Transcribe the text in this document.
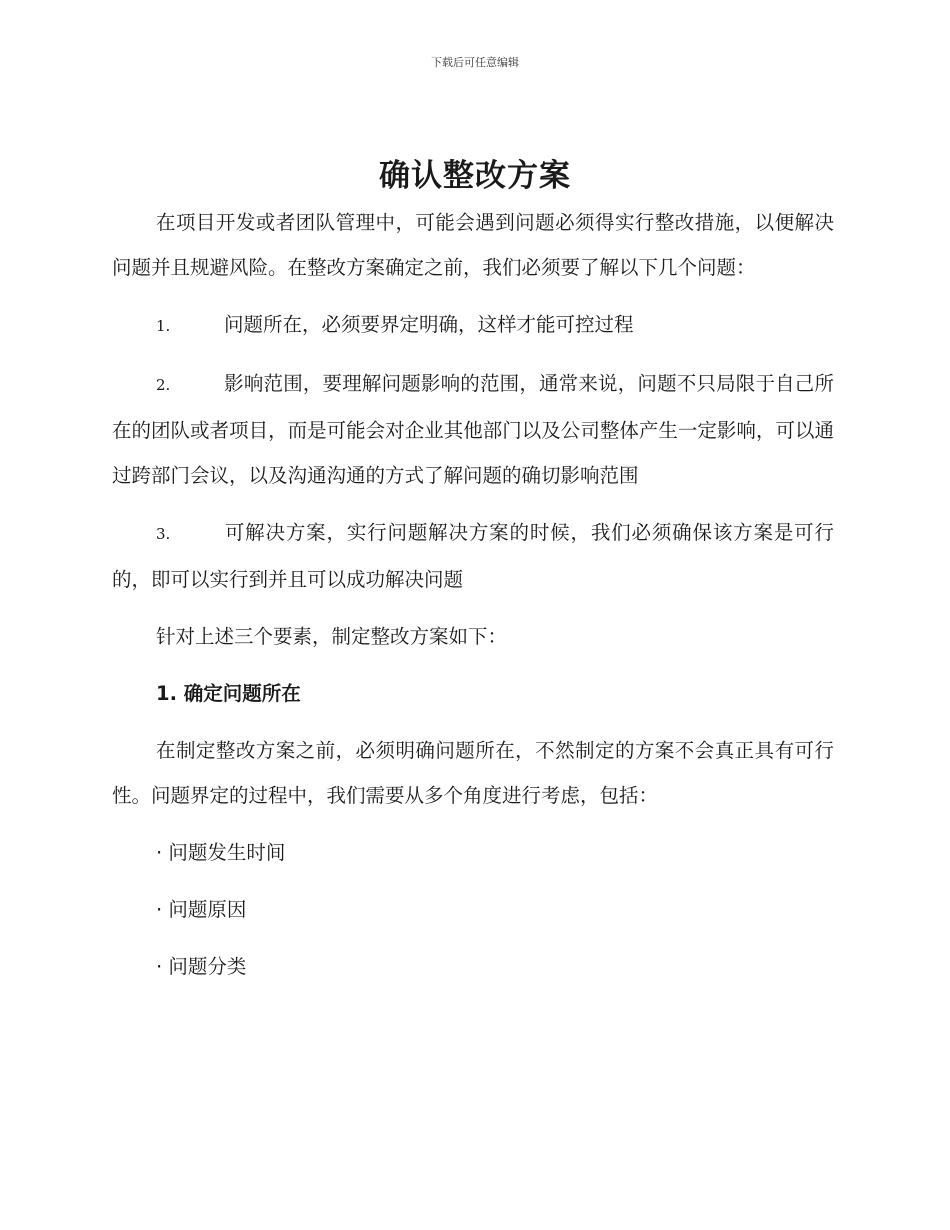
下载后可任意编辑
确认整改方案

在项目开发或者团队管理中，可能会遇到问题必须得实行整改措施，以便解决问题并且规避风险。在整改方案确定之前，我们必须要了解以下几个问题：

1.	问题所在，必须要界定明确，这样才能可控过程

2.	影响范围，要理解问题影响的范围，通常来说，问题不只局限于自己所在的团队或者项目，而是可能会对企业其他部门以及公司整体产生一定影响，可以通过跨部门会议，以及沟通沟通的方式了解问题的确切影响范围

3.	可解决方案，实行问题解决方案的时候，我们必须确保该方案是可行的，即可以实行到并且可以成功解决问题

针对上述三个要素，制定整改方案如下：

1. 确定问题所在

在制定整改方案之前，必须明确问题所在，不然制定的方案不会真正具有可行性。问题界定的过程中，我们需要从多个角度进行考虑，包括：

· 问题发生时间

· 问题原因

· 问题分类
